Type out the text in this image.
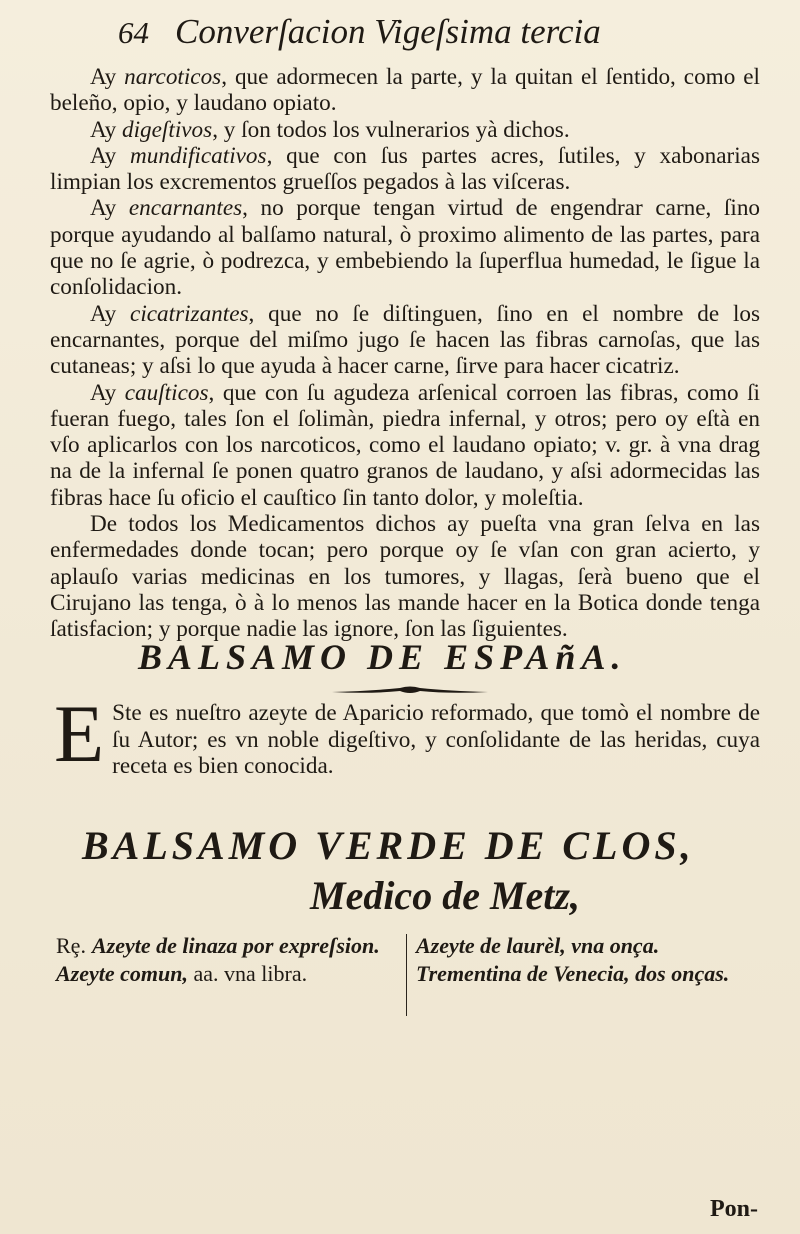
64 Converſacion Vigeſsima tercia

Ay narcoticos, que adormecen la parte, y la quitan el ſentido, como el beleño, opio, y laudano opiato.

Ay digeſtivos, y ſon todos los vulnerarios yà dichos.

Ay mundificativos, que con ſus partes acres, ſutiles, y xabonarias limpian los excrementos grueſſos pegados à las viſceras.

Ay encarnantes, no porque tengan virtud de engendrar carne, ſino porque ayudando al balſamo natural, ò proximo alimento de las partes, para que no ſe agrie, ò podrezca, y embebiendo la ſuperflua humedad, le ſigue la conſolidacion.

Ay cicatrizantes, que no ſe diſtinguen, ſino en el nombre de los encarnantes, porque del miſmo jugo ſe hacen las fibras carnoſas, que las cutaneas; y aſsi lo que ayuda à hacer carne, ſirve para hacer cicatriz.

Ay cauſticos, que con ſu agudeza arſenical corroen las fibras, como ſi fueran fuego, tales ſon el ſolimàn, piedra infernal, y otros; pero oy eſtà en vſo aplicarlos con los narcoticos, como el laudano opiato; v. gr. à vna drag na de la infernal ſe ponen quatro granos de laudano, y aſsi adormecidas las fibras hace ſu oficio el cauſtico ſin tanto dolor, y moleſtia.

De todos los Medicamentos dichos ay pueſta vna gran ſelva en las enfermedades donde tocan; pero porque oy ſe vſan con gran acierto, y aplauſo varias medicinas en los tumores, y llagas, ſerà bueno que el Cirujano las tenga, ò à lo menos las mande hacer en la Botica donde tenga ſatisfacion; y porque nadie las ignore, ſon las ſiguientes.

BALSAMO DE ESPAñA.
E Ste es nueſtro azeyte de Aparicio reformado, que tomò el nombre de ſu Autor; es vn noble digeſtivo, y conſolidante de las heridas, cuya receta es bien conocida.
BALSAMO VERDE DE CLOS,
Medico de Metz,
Rȩ. Azeyte de linaza por expreſsion.
Azeyte comun, aa. vna libra.
Azeyte de laurèl, vna onça.
Trementina de Venecia, dos onças.
Pon-
